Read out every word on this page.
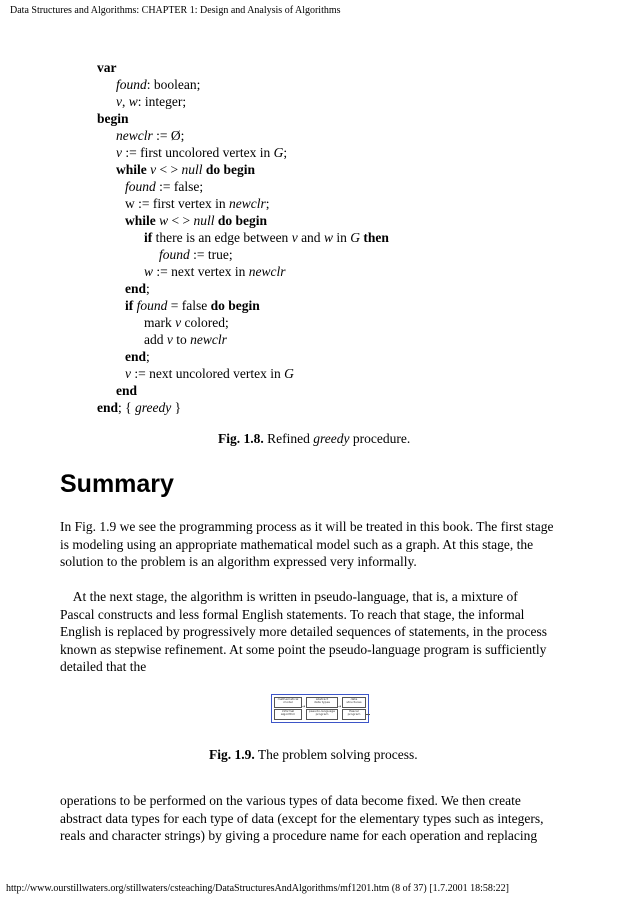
Data Structures and Algorithms: CHAPTER 1: Design and Analysis of Algorithms
var
found: boolean;
v, w: integer;
begin
newclr := Ø;
v := first uncolored vertex in G;
while v < > null do begin
found := false;
w := first vertex in newclr;
while w < > null do begin
if there is an edge between v and w in G then
found := true;
w := next vertex in newclr
end;
if found = false do begin
mark v colored;
add v to newclr
end;
v := next uncolored vertex in G
end
end; { greedy }
Fig. 1.8. Refined greedy procedure.
Summary
In Fig. 1.9 we see the programming process as it will be treated in this book. The first stage
is modeling using an appropriate mathematical model such as a graph. At this stage, the
solution to the problem is an algorithm expressed very informally.
At the next stage, the algorithm is written in pseudo-language, that is, a mixture of
Pascal constructs and less formal English statements. To reach that stage, the informal
English is replaced by progressively more detailed sequences of statements, in the process
known as stepwise refinement. At some point the pseudo-language program is sufficiently
detailed that the
mathematical
model
abstract
data types
data
structures
informal
algorithm
pseudo-language
program
Pascal
program
→	→
Fig. 1.9. The problem solving process.
operations to be performed on the various types of data become fixed. We then create
abstract data types for each type of data (except for the elementary types such as integers,
reals and character strings) by giving a procedure name for each operation and replacing
http://www.ourstillwaters.org/stillwaters/csteaching/DataStructuresAndAlgorithms/mf1201.htm (8 of 37) [1.7.2001 18:58:22]
